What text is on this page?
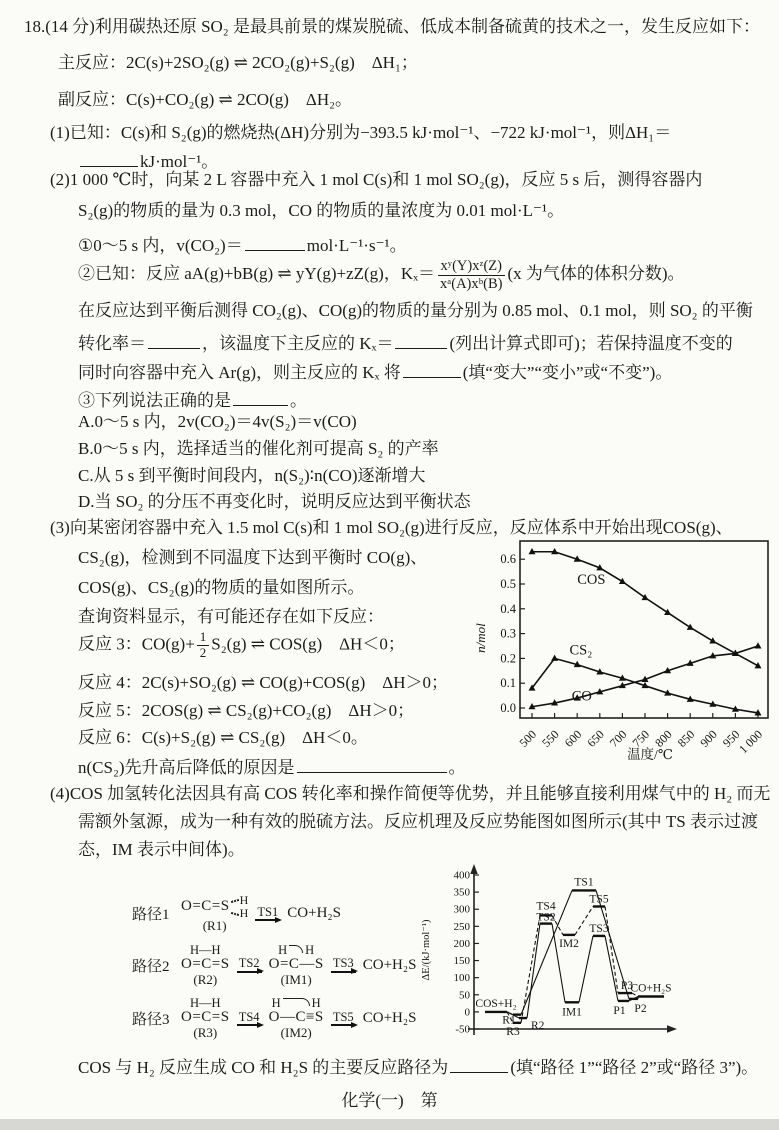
18.(14 分)利用碳热还原 SO₂ 是最具前景的煤炭脱硫、低成本制备硫黄的技术之一，发生反应如下：
主反应：2C(s)+2SO₂(g) ⇌ 2CO₂(g)+S₂(g)　ΔH₁；
副反应：C(s)+CO₂(g) ⇌ 2CO(g)　ΔH₂。
(1)已知：C(s)和 S₂(g)的燃烧热(ΔH)分别为−393.5 kJ·mol⁻¹、−722 kJ·mol⁻¹，则ΔH₁＝
kJ·mol⁻¹。
(2)1 000 ℃时，向某 2 L 容器中充入 1 mol C(s)和 1 mol SO₂(g)，反应 5 s 后，测得容器内
S₂(g)的物质的量为 0.3 mol，CO 的物质的量浓度为 0.01 mol·L⁻¹。
①0～5 s 内，v(CO₂)＝	mol·L⁻¹·s⁻¹。
②已知：反应 aA(g)+bB(g) ⇌ yY(g)+zZ(g)，$K_x= \frac{\text{xʸ(Y)xᶻ(Z)}}{\text{xᵃ(A)xᵇ(B)}} (x$ 为气体的体积分数)。
在反应达到平衡后测得 CO₂(g)、CO(g)的物质的量分别为 0.85 mol、0.1 mol，则 SO₂ 的平衡
转化率＝	，该温度下主反应的 Kₓ＝	(列出计算式即可)；若保持温度不变的
同时向容器中充入 Ar(g)，则主反应的 Kₓ 将	(填“变大”“变小”或“不变”)。
③下列说法正确的是	。
A.0～5 s 内，2v(CO₂)＝4v(S₂)＝v(CO)
B.0～5 s 内，选择适当的催化剂可提高 S₂ 的产率
C.从 5 s 到平衡时间段内，n(S₂)∶n(CO)逐渐增大
D.当 SO₂ 的分压不再变化时，说明反应达到平衡状态
(3)向某密闭容器中充入 1.5 mol C(s)和 1 mol SO₂(g)进行反应，反应体系中开始出现COS(g)、
CS₂(g)，检测到不同温度下达到平衡时 CO(g)、
COS(g)、CS₂(g)的物质的量如图所示。
查询资料显示，有可能还存在如下反应：
反应 3：$CO(g)+ \frac{1}{2} S_2(g)$ ⇌ COS(g)　ΔH＜0；
反应 4：2C(s)+SO₂(g) ⇌ CO(g)+COS(g)　ΔH＞0；
反应 5：2COS(g) ⇌ CS₂(g)+CO₂(g)　ΔH＞0；
反应 6：C(s)+S₂(g) ⇌ CS₂(g)　ΔH＜0。
n(CS₂)先升高后降低的原因是	。
0.0
0.1
0.2
0.3
0.4
0.5
0.6
n/mol
500 550 600 650 700 750 800 850 900 950
1 000
温度/℃
COS
CS₂
CO
(4)COS 加氢转化法因具有高 COS 转化率和操作简便等优势，并且能够直接利用煤气中的 H₂ 而无
需额外氢源，成为一种有效的脱硫方法。反应机理及反应势能图如图所示(其中 TS 表示过渡
态，IM 表示中间体)。
路径1
O=C=S H
H
(R1)
TS1 CO+H₂S
路径2
H—H
O=C=S
(R2)
TS2
H H
O=C—S
(IM1)
TS3 CO+H₂S
路径3
H—H
O=C=S
(R3)
TS4
H H
O—C≡S
(IM2)
TS5 CO+H₂S
-50
0
50
100
150
200
250
300
350
400
ΔE/(kJ·mol⁻¹)
COS+H₂
R1 R2
R3
TS2
TS4
TS1
IM1
IM2
TS3
TS5
P1 P2
P3
CO+H₂S
COS 与 H₂ 反应生成 CO 和 H₂S 的主要反应路径为	(填“路径 1”“路径 2”或“路径 3”)。
化学(一)　第
